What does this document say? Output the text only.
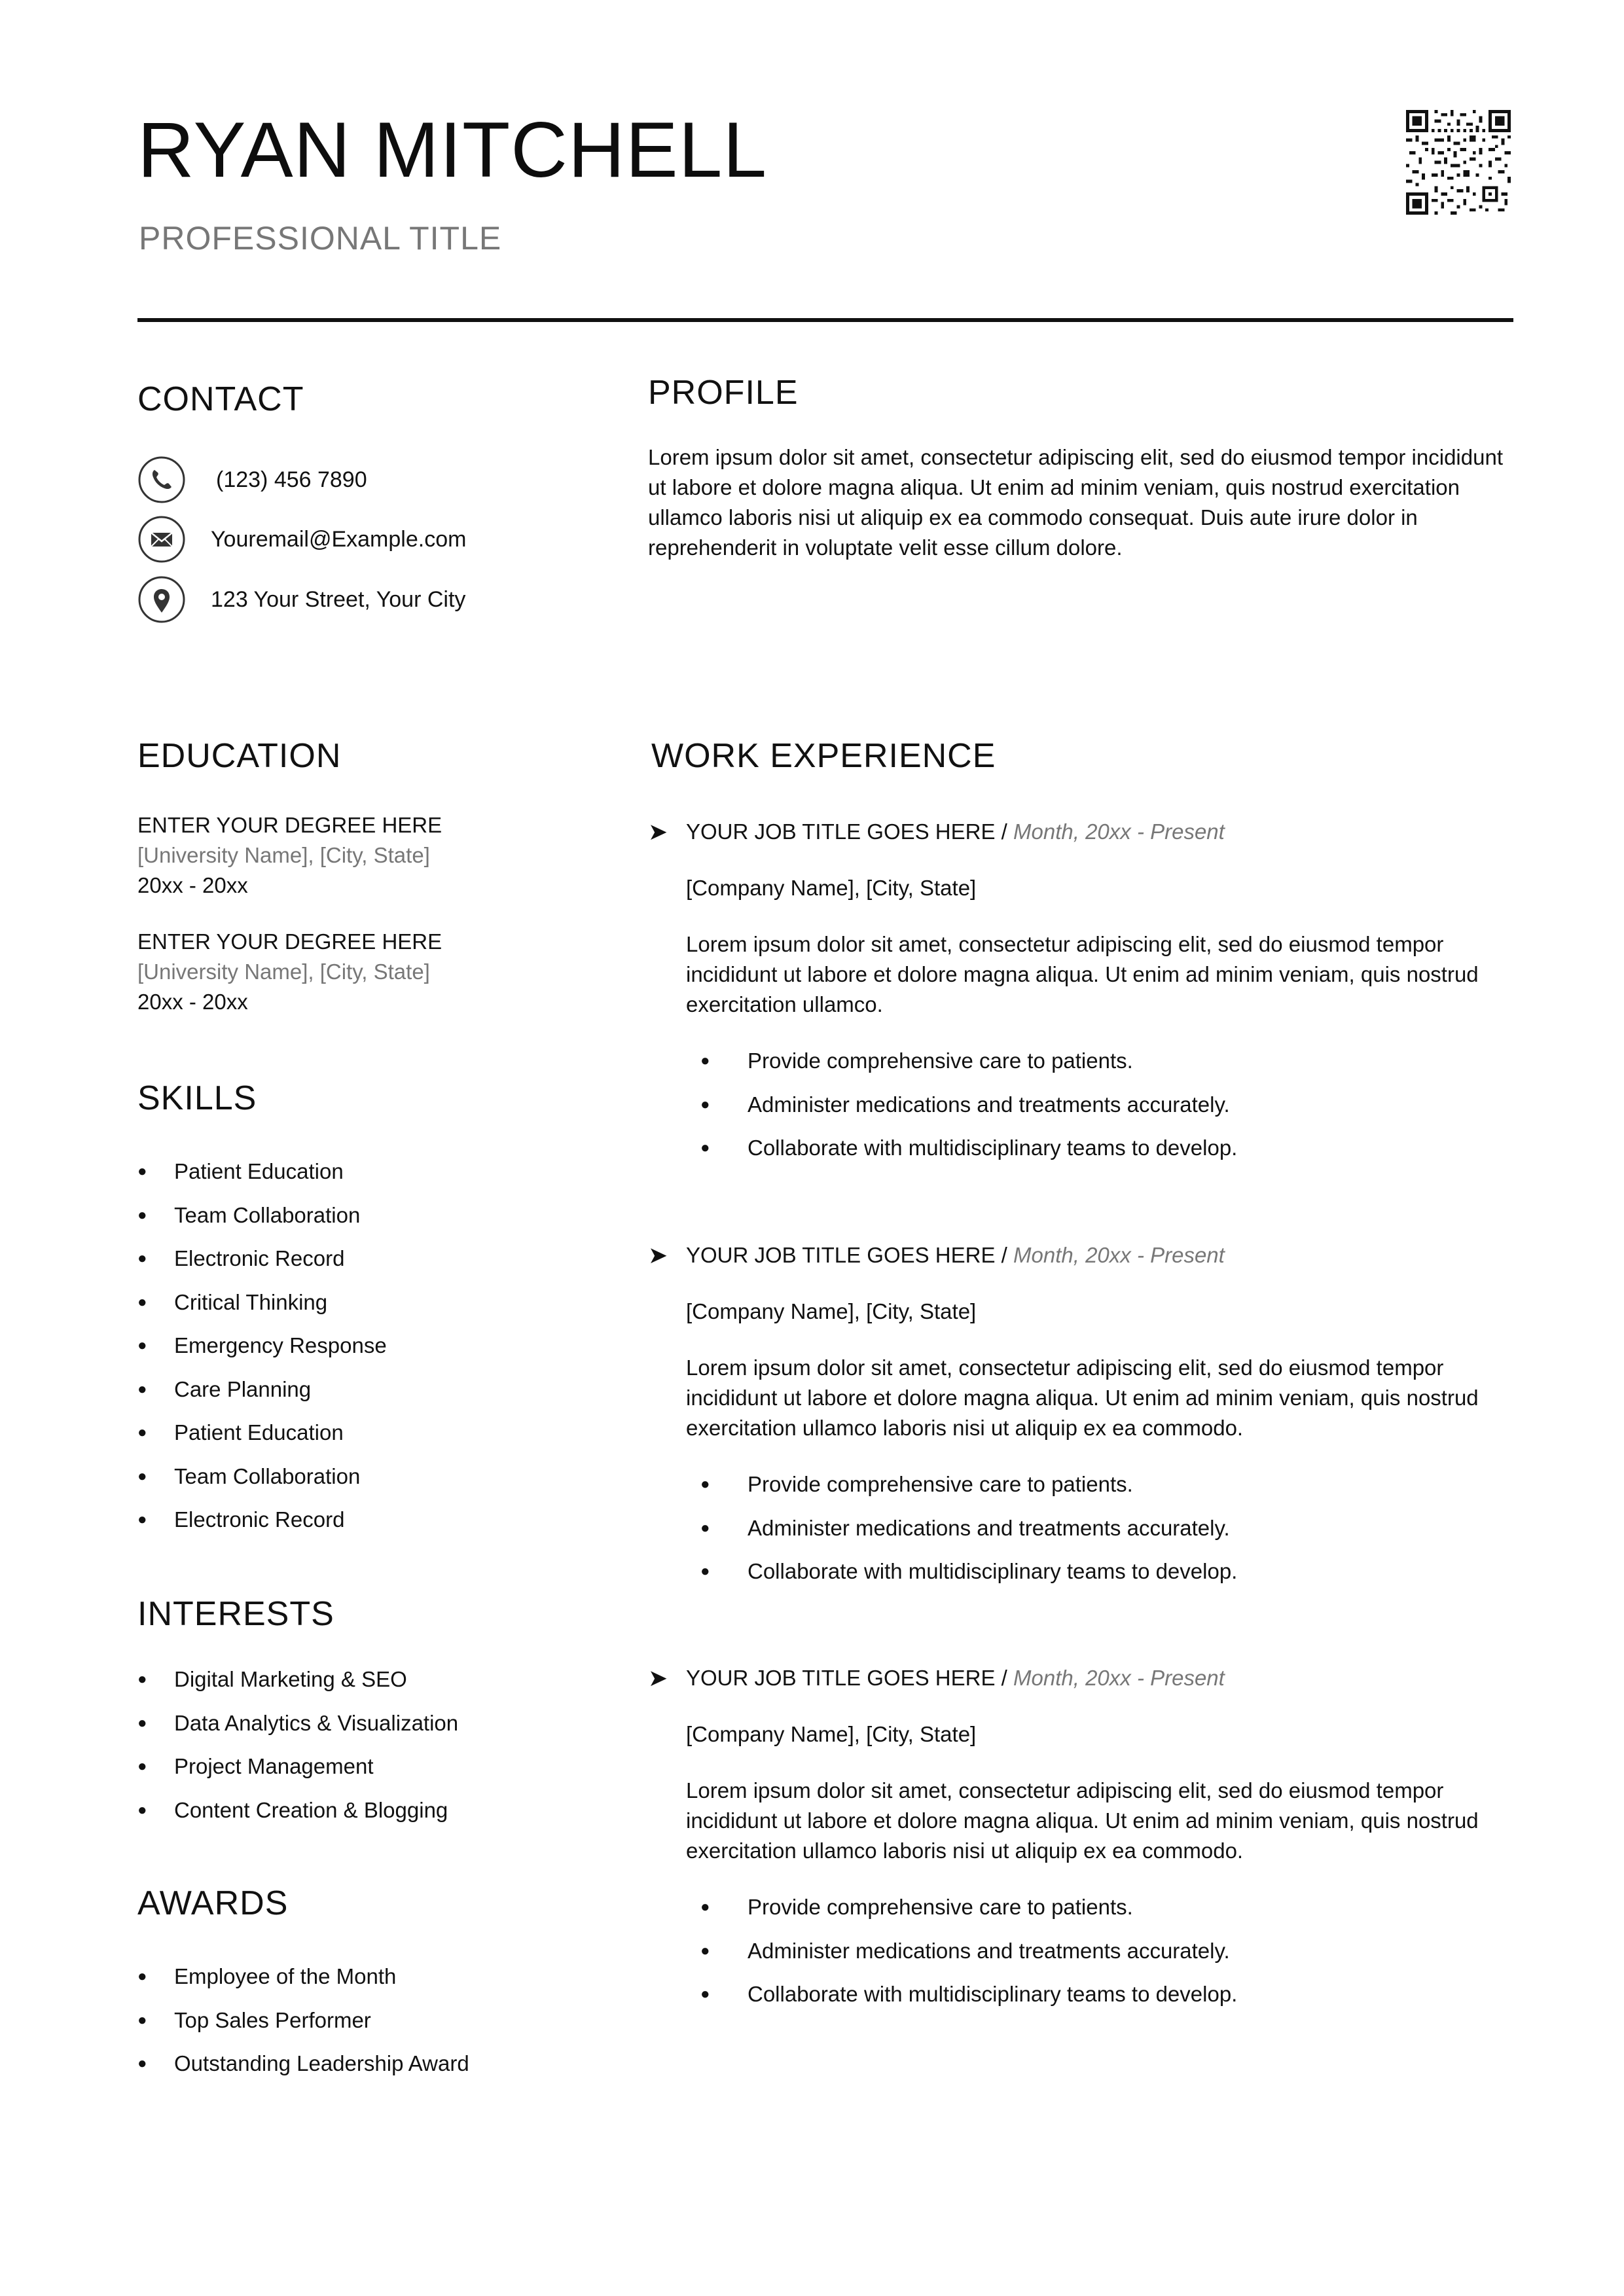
RYAN MITCHELL
PROFESSIONAL TITLE
CONTACT
(123) 456 7890
Youremail@Example.com
123 Your Street, Your City
PROFILE
Lorem ipsum dolor sit amet, consectetur adipiscing elit, sed do eiusmod tempor incididunt ut labore et dolore magna aliqua. Ut enim ad minim veniam, quis nostrud exercitation ullamco laboris nisi ut aliquip ex ea commodo consequat. Duis aute irure dolor in reprehenderit in voluptate velit esse cillum dolore.
EDUCATION
ENTER YOUR DEGREE HERE
[University Name], [City, State]
20xx - 20xx
ENTER YOUR DEGREE HERE
[University Name], [City, State]
20xx - 20xx
SKILLS
● Patient Education
● Team Collaboration
● Electronic Record
● Critical Thinking
● Emergency Response
● Care Planning
● Patient Education
● Team Collaboration
● Electronic Record
INTERESTS
● Digital Marketing & SEO
● Data Analytics & Visualization
● Project Management
● Content Creation & Blogging
AWARDS
● Employee of the Month
● Top Sales Performer
● Outstanding Leadership Award
WORK EXPERIENCE
➤ YOUR JOB TITLE GOES HERE / Month, 20xx - Present
[Company Name], [City, State]
Lorem ipsum dolor sit amet, consectetur adipiscing elit, sed do eiusmod tempor incididunt ut labore et dolore magna aliqua. Ut enim ad minim veniam, quis nostrud exercitation ullamco.
● Provide comprehensive care to patients.
● Administer medications and treatments accurately.
● Collaborate with multidisciplinary teams to develop.
➤ YOUR JOB TITLE GOES HERE / Month, 20xx - Present
[Company Name], [City, State]
Lorem ipsum dolor sit amet, consectetur adipiscing elit, sed do eiusmod tempor incididunt ut labore et dolore magna aliqua. Ut enim ad minim veniam, quis nostrud exercitation ullamco laboris nisi ut aliquip ex ea commodo.
● Provide comprehensive care to patients.
● Administer medications and treatments accurately.
● Collaborate with multidisciplinary teams to develop.
➤ YOUR JOB TITLE GOES HERE / Month, 20xx - Present
[Company Name], [City, State]
Lorem ipsum dolor sit amet, consectetur adipiscing elit, sed do eiusmod tempor incididunt ut labore et dolore magna aliqua. Ut enim ad minim veniam, quis nostrud exercitation ullamco laboris nisi ut aliquip ex ea commodo.
● Provide comprehensive care to patients.
● Administer medications and treatments accurately.
● Collaborate with multidisciplinary teams to develop.
